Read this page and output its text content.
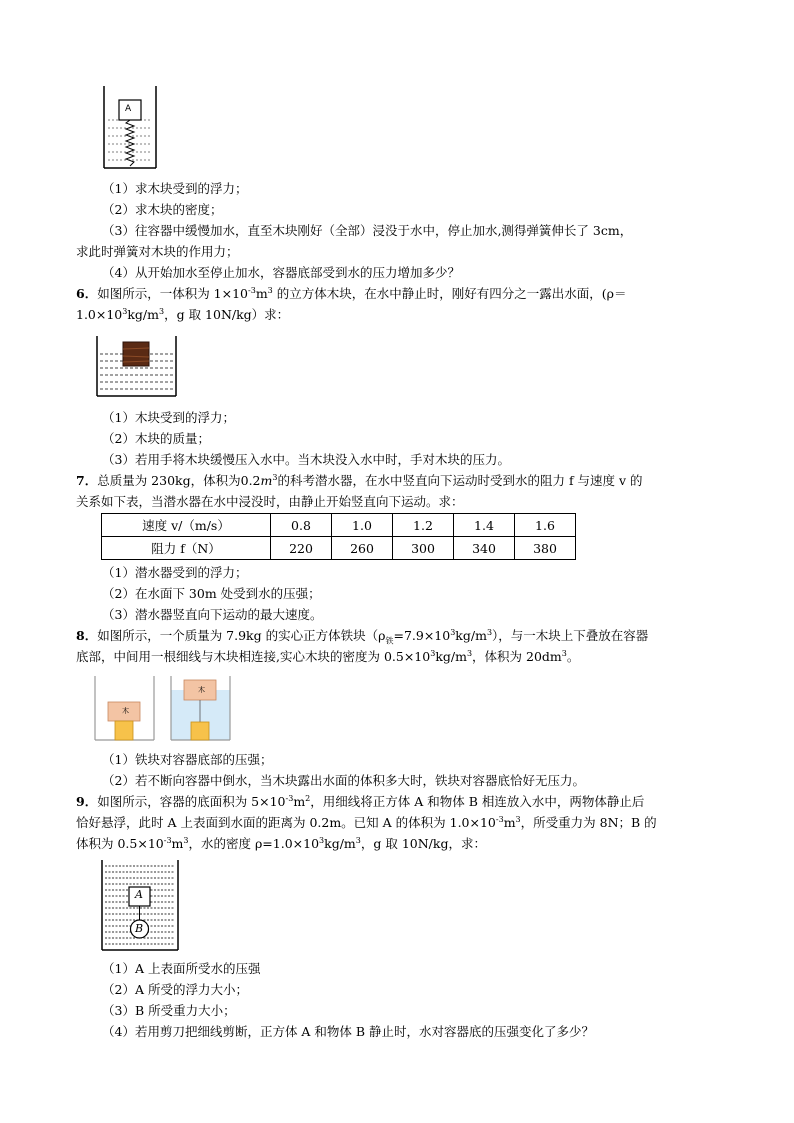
A
（1）求木块受到的浮力；
（2）求木块的密度；
（3）往容器中缓慢加水，直至木块刚好（全部）浸没于水中，停止加水,测得弹簧伸长了 3cm，
求此时弹簧对木块的作用力；
（4）从开始加水至停止加水，容器底部受到水的压力增加多少？
6．如图所示，一体积为 $1\times 10^{-3}m^3$ 的立方体木块，在水中静止时，刚好有四分之一露出水面，(ρ＝
$1.0\times 10^3kg/m^3$，g 取 10N/kg）求：
（1）木块受到的浮力；
（2）木块的质量；
（3）若用手将木块缓慢压入水中。当木块没入水中时，手对木块的压力。
7．总质量为 230kg，体积为$0.2m^3$的科考潜水器，在水中竖直向下运动时受到水的阻力 f 与速度 v 的
关系如下表，当潜水器在水中浸没时，由静止开始竖直向下运动。求：
速度 v/（m/s）	0.8	1.0	1.2	1.4	1.6
阻力 f（N）	220	260	300	340	380
（1）潜水器受到的浮力；
（2）在水面下 30m 处受到水的压强；
（3）潜水器竖直向下运动的最大速度。
8．如图所示，一个质量为 7.9kg 的实心正方体铁块$(\rho_铁=7.9\times 10^3kg/m^3)$，与一木块上下叠放在容器
底部，中间用一根细线与木块相连接,实心木块的密度为 $0.5\times 10^3kg/m^3$，体积为 $20dm^3$。
木
木
（1）铁块对容器底部的压强；
（2）若不断向容器中倒水，当木块露出水面的体积多大时，铁块对容器底恰好无压力。
9．如图所示，容器的底面积为 $5\times 10^{-3}m^2$，用细线将正方体 A 和物体 B 相连放入水中，两物体静止后
恰好悬浮，此时 A 上表面到水面的距离为 0.2m。已知 A 的体积为 $1.0\times 10^{-3}m^3$，所受重力为 8N；B 的
体积为 $0.5\times 10^{-3}m^3$，水的密度 $\rho=1.0\times 10^3kg/m^3$，g 取 10N/kg，求：
A
B
（1）A 上表面所受水的压强
（2）A 所受的浮力大小；
（3）B 所受重力大小；
（4）若用剪刀把细线剪断，正方体 A 和物体 B 静止时，水对容器底的压强变化了多少？
